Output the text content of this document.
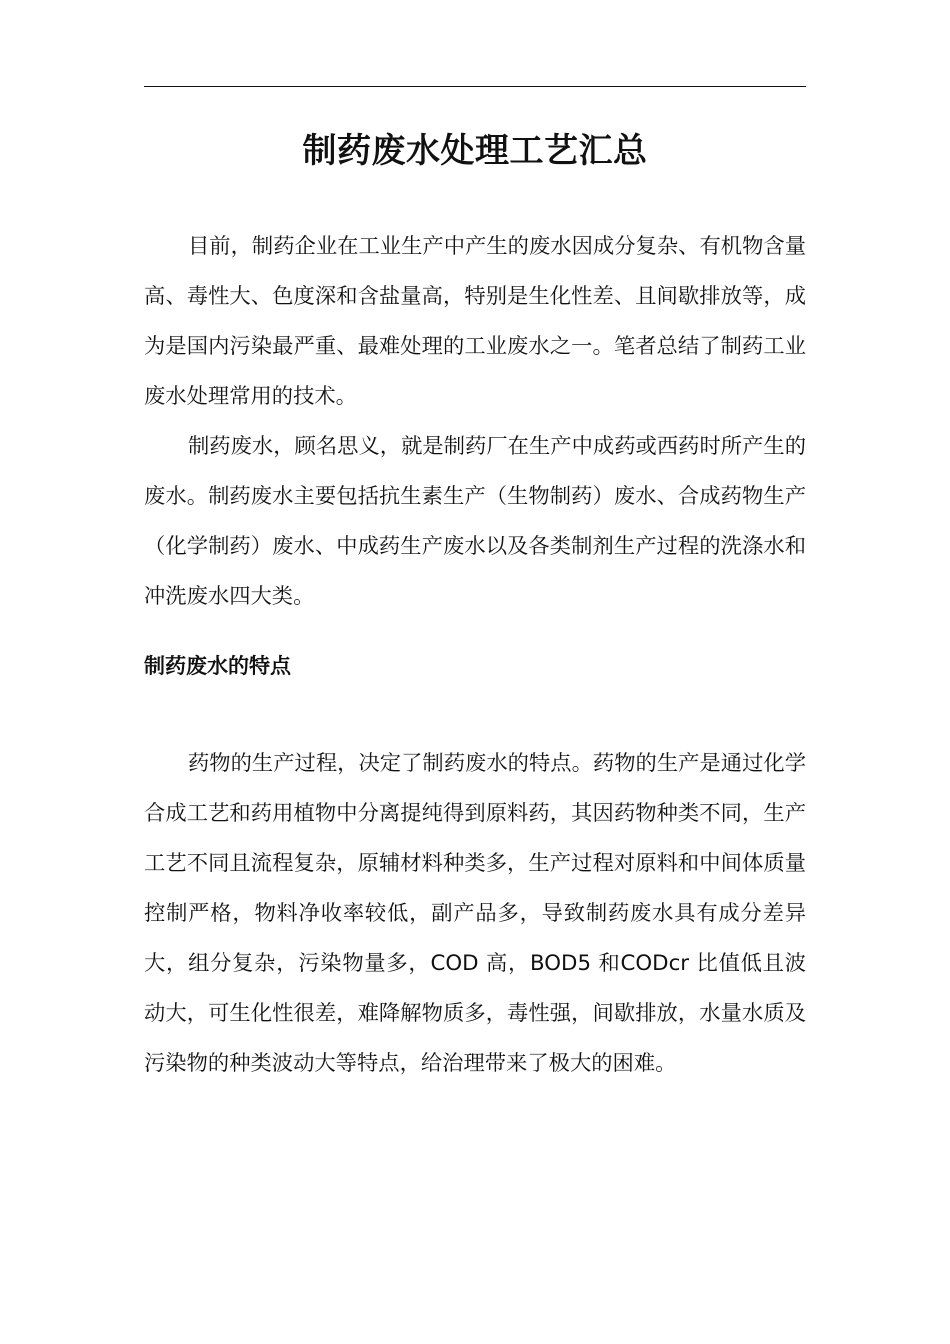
制药废水处理工艺汇总

目前，制药企业在工业生产中产生的废水因成分复杂、有机物含量高、毒性大、色度深和含盐量高，特别是生化性差、且间歇排放等，成为是国内污染最严重、最难处理的工业废水之一。笔者总结了制药工业废水处理常用的技术。

制药废水，顾名思义，就是制药厂在生产中成药或西药时所产生的废水。制药废水主要包括抗生素生产（生物制药）废水、合成药物生产（化学制药）废水、中成药生产废水以及各类制剂生产过程的洗涤水和冲洗废水四大类。

制药废水的特点

药物的生产过程，决定了制药废水的特点。药物的生产是通过化学合成工艺和药用植物中分离提纯得到原料药，其因药物种类不同，生产工艺不同且流程复杂，原辅材料种类多，生产过程对原料和中间体质量控制严格，物料净收率较低，副产品多，导致制药废水具有成分差异大，组分复杂，污染物量多，COD 高，BOD5 和CODcr 比值低且波动大，可生化性很差，难降解物质多，毒性强，间歇排放，水量水质及污染物的种类波动大等特点，给治理带来了极大的困难。
